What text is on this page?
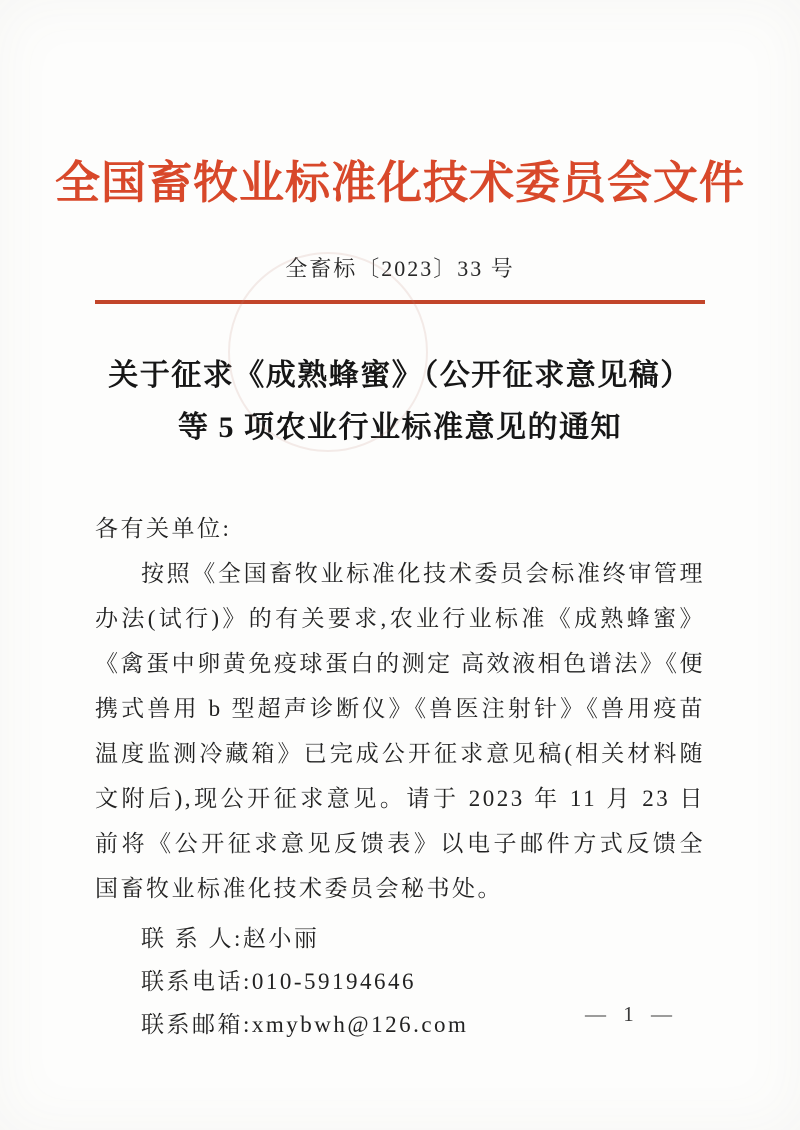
全国畜牧业标准化技术委员会文件
全畜标〔2023〕33 号
关于征求《成熟蜂蜜》（公开征求意见稿）
等 5 项农业行业标准意见的通知

各有关单位:

按照《全国畜牧业标准化技术委员会标准终审管理办法(试行)》的有关要求,农业行业标准《成熟蜂蜜》《禽蛋中卵黄免疫球蛋白的测定 高效液相色谱法》《便携式兽用 b 型超声诊断仪》《兽医注射针》《兽用疫苗温度监测冷藏箱》已完成公开征求意见稿(相关材料随文附后),现公开征求意见。请于 2023 年 11 月 23 日前将《公开征求意见反馈表》以电子邮件方式反馈全国畜牧业标准化技术委员会秘书处。

联 系 人:赵小丽

联系电话:010-59194646

联系邮箱:xmybwh@126.com	— 1 —
